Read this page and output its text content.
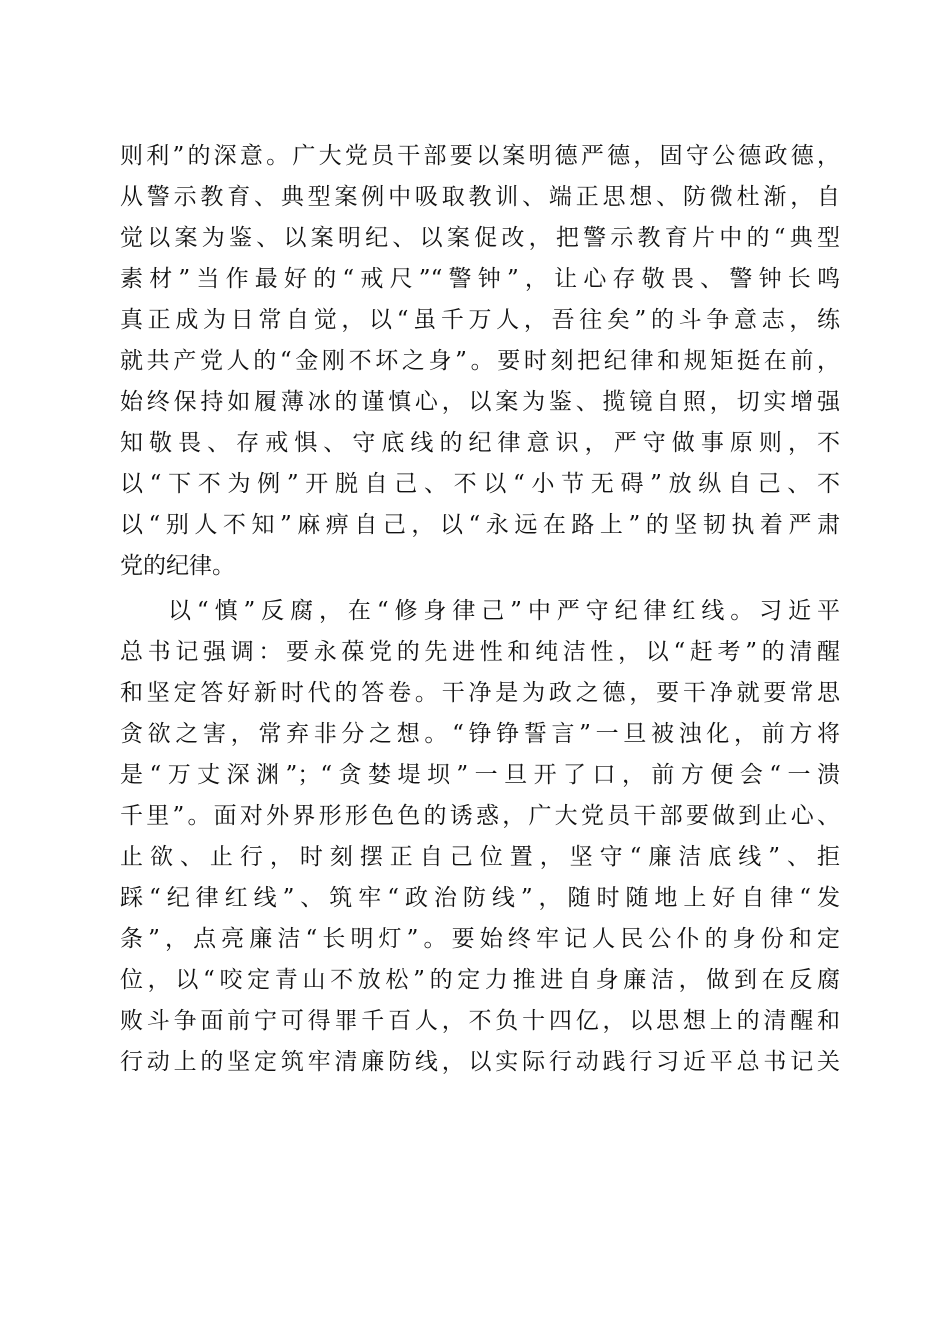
则利”的深意。广大党员干部要以案明德严德，固守公德政德，
从警示教育、典型案例中吸取教训、端正思想、防微杜渐，自
觉以案为鉴、以案明纪、以案促改，把警示教育片中的“典型
素材”当作最好的“戒尺”“警钟”，让心存敬畏、警钟长鸣
真正成为日常自觉，以“虽千万人，吾往矣”的斗争意志，练
就共产党人的“金刚不坏之身”。要时刻把纪律和规矩挺在前，
始终保持如履薄冰的谨慎心，以案为鉴、揽镜自照，切实增强
知敬畏、存戒惧、守底线的纪律意识，严守做事原则，不
以“下不为例”开脱自己、不以“小节无碍”放纵自己、不
以“别人不知”麻痹自己，以“永远在路上”的坚韧执着严肃
党的纪律。
以“慎”反腐，在“修身律己”中严守纪律红线。习近平
总书记强调：要永葆党的先进性和纯洁性，以“赶考”的清醒
和坚定答好新时代的答卷。干净是为政之德，要干净就要常思
贪欲之害，常弃非分之想。“铮铮誓言”一旦被浊化，前方将
是“万丈深渊”；“贪婪堤坝”一旦开了口，前方便会“一溃
千里”。面对外界形形色色的诱惑，广大党员干部要做到止心、
止欲、止行，时刻摆正自己位置，坚守“廉洁底线”、拒
踩“纪律红线”、筑牢“政治防线”，随时随地上好自律“发
条”，点亮廉洁“长明灯”。要始终牢记人民公仆的身份和定
位，以“咬定青山不放松”的定力推进自身廉洁，做到在反腐
败斗争面前宁可得罪千百人，不负十四亿，以思想上的清醒和
行动上的坚定筑牢清廉防线，以实际行动践行习近平总书记关
